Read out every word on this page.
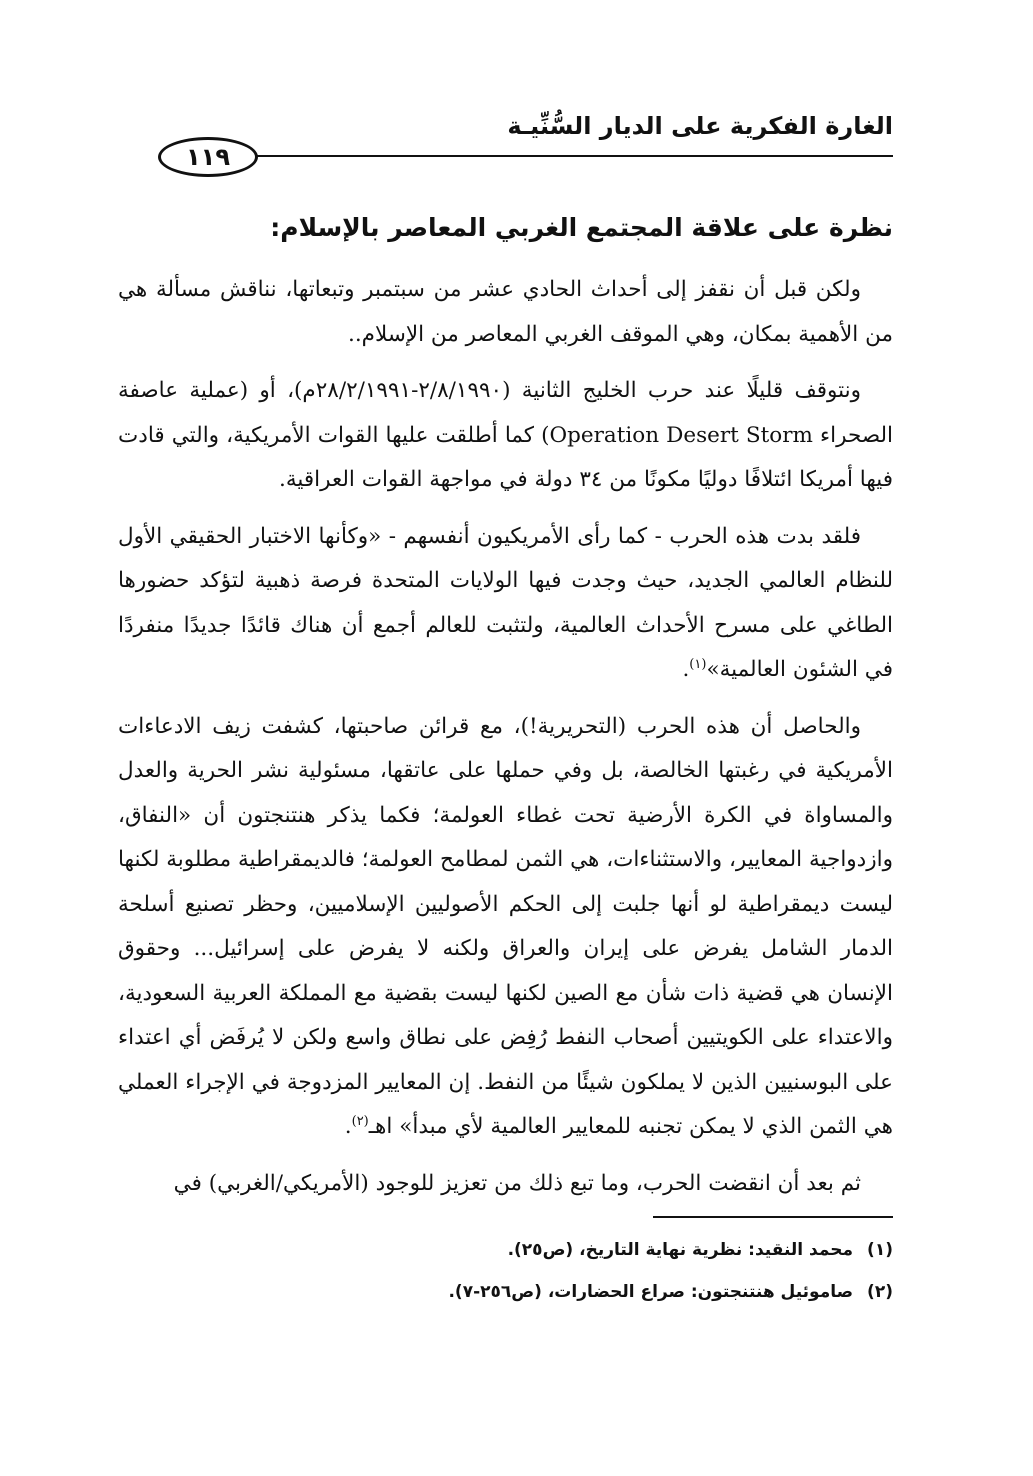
الغارة الفكرية على الديار السُّنِّيـة
١١٩
نظرة على علاقة المجتمع الغربي المعاصر بالإسلام:

ولكن قبل أن نقفز إلى أحداث الحادي عشر من سبتمبر وتبعاتها، نناقش مسألة هي من الأهمية بمكان، وهي الموقف الغربي المعاصر من الإسلام..

ونتوقف قليلًا عند حرب الخليج الثانية (٢/٨/١٩٩٠-٢٨/٢/١٩٩١م)، أو (عملية عاصفة الصحراء Operation Desert Storm) كما أطلقت عليها القوات الأمريكية، والتي قادت فيها أمريكا ائتلافًا دوليًا مكونًا من ٣٤ دولة في مواجهة القوات العراقية.

فلقد بدت هذه الحرب - كما رأى الأمريكيون أنفسهم - «وكأنها الاختبار الحقيقي الأول للنظام العالمي الجديد، حيث وجدت فيها الولايات المتحدة فرصة ذهبية لتؤكد حضورها الطاغي على مسرح الأحداث العالمية، ولتثبت للعالم أجمع أن هناك قائدًا جديدًا منفردًا في الشئون العالمية»$^{(١)}$.

والحاصل أن هذه الحرب (التحريرية!)، مع قرائن صاحبتها، كشفت زيف الادعاءات الأمريكية في رغبتها الخالصة، بل وفي حملها على عاتقها، مسئولية نشر الحرية والعدل والمساواة في الكرة الأرضية تحت غطاء العولمة؛ فكما يذكر هنتنجتون أن «النفاق، وازدواجية المعايير، والاستثناءات، هي الثمن لمطامح العولمة؛ فالديمقراطية مطلوبة لكنها ليست ديمقراطية لو أنها جلبت إلى الحكم الأصوليين الإسلاميين، وحظر تصنيع أسلحة الدمار الشامل يفرض على إيران والعراق ولكنه لا يفرض على إسرائيل... وحقوق الإنسان هي قضية ذات شأن مع الصين لكنها ليست بقضية مع المملكة العربية السعودية، والاعتداء على الكويتيين أصحاب النفط رُفِض على نطاق واسع ولكن لا يُرفَض أي اعتداء على البوسنيين الذين لا يملكون شيئًا من النفط. إن المعايير المزدوجة في الإجراء العملي هي الثمن الذي لا يمكن تجنبه للمعايير العالمية لأي مبدأ» اهـ$^{(٢)}$.

ثم بعد أن انقضت الحرب، وما تبع ذلك من تعزيز للوجود (الأمريكي/الغربي) في

(١)محمد النقيد: نظرية نهاية التاريخ، (ص٢٥).
(٢)صاموئيل هنتنجتون: صراع الحضارات، (ص٢٥٦-٧).
